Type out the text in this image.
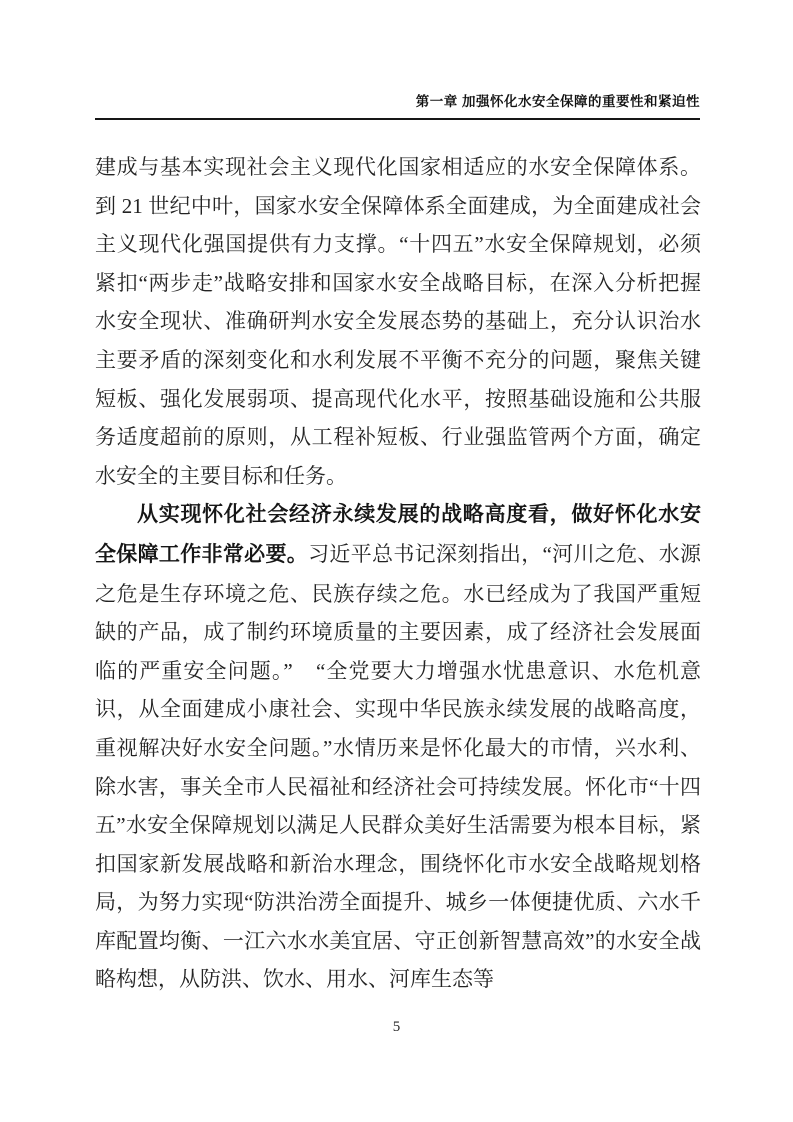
第一章 加强怀化水安全保障的重要性和紧迫性

建成与基本实现社会主义现代化国家相适应的水安全保障体系。到 21 世纪中叶，国家水安全保障体系全面建成，为全面建成社会主义现代化强国提供有力支撑。“十四五”水安全保障规划，必须紧扣“两步走”战略安排和国家水安全战略目标，在深入分析把握水安全现状、准确研判水安全发展态势的基础上，充分认识治水主要矛盾的深刻变化和水利发展不平衡不充分的问题，聚焦关键短板、强化发展弱项、提高现代化水平，按照基础设施和公共服务适度超前的原则，从工程补短板、行业强监管两个方面，确定水安全的主要目标和任务。

从实现怀化社会经济永续发展的战略高度看，做好怀化水安全保障工作非常必要。习近平总书记深刻指出，“河川之危、水源之危是生存环境之危、民族存续之危。水已经成为了我国严重短缺的产品，成了制约环境质量的主要因素，成了经济社会发展面临的严重安全问题。”　“全党要大力增强水忧患意识、水危机意识，从全面建成小康社会、实现中华民族永续发展的战略高度，重视解决好水安全问题。”水情历来是怀化最大的市情，兴水利、除水害，事关全市人民福祉和经济社会可持续发展。怀化市“十四五”水安全保障规划以满足人民群众美好生活需要为根本目标，紧扣国家新发展战略和新治水理念，围绕怀化市水安全战略规划格局，为努力实现“防洪治涝全面提升、城乡一体便捷优质、六水千库配置均衡、一江六水水美宜居、守正创新智慧高效”的水安全战略构想，从防洪、饮水、用水、河库生态等

5
